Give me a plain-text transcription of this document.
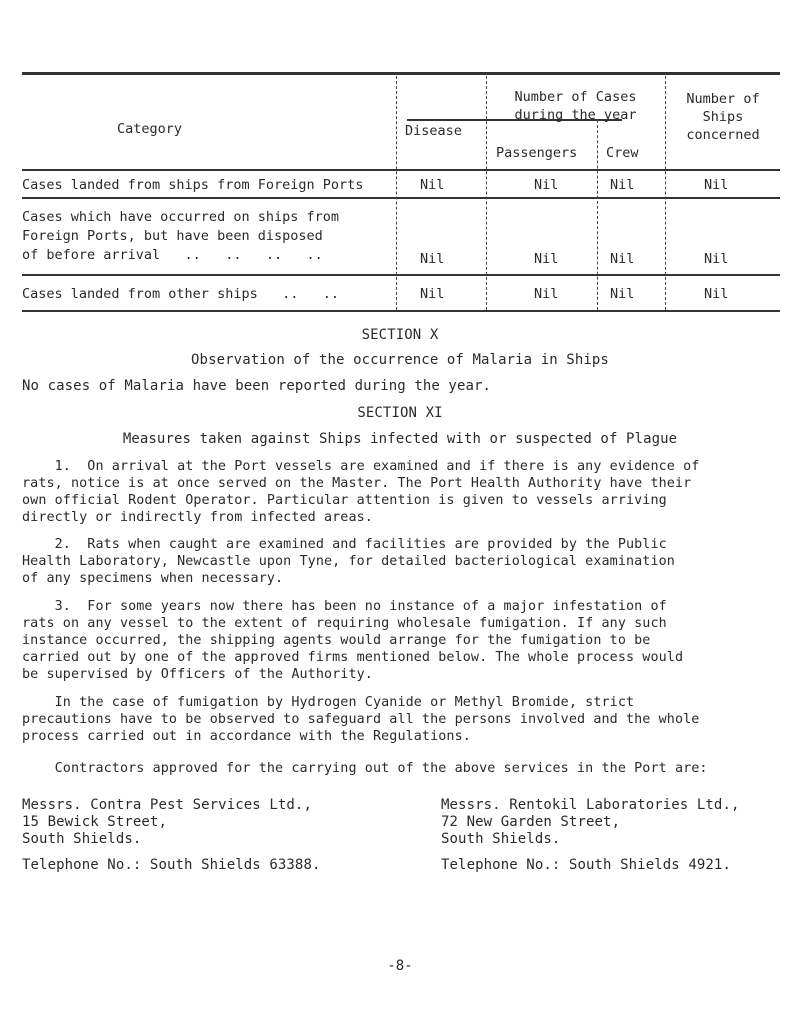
Category	Disease
Number of Cases
during the year
Passengers Crew
Number of
Ships
concerned
Cases landed from ships from Foreign Ports	Nil	Nil	Nil	Nil
Cases which have occurred on ships from
Foreign Ports, but have been disposed
of before arrival   ..   ..   ..   ..	Nil	Nil	Nil	Nil
Cases landed from other ships   ..   ..	Nil	Nil	Nil	Nil
SECTION X
Observation of the occurrence of Malaria in Ships
No cases of Malaria have been reported during the year.
SECTION XI
Measures taken against Ships infected with or suspected of Plague
1.  On arrival at the Port vessels are examined and if there is any evidence of
rats, notice is at once served on the Master. The Port Health Authority have their
own official Rodent Operator. Particular attention is given to vessels arriving
directly or indirectly from infected areas.
2.  Rats when caught are examined and facilities are provided by the Public
Health Laboratory, Newcastle upon Tyne, for detailed bacteriological examination
of any specimens when necessary.
3.  For some years now there has been no instance of a major infestation of
rats on any vessel to the extent of requiring wholesale fumigation. If any such
instance occurred, the shipping agents would arrange for the fumigation to be
carried out by one of the approved firms mentioned below. The whole process would
be supervised by Officers of the Authority.
In the case of fumigation by Hydrogen Cyanide or Methyl Bromide, strict
precautions have to be observed to safeguard all the persons involved and the whole
process carried out in accordance with the Regulations.
Contractors approved for the carrying out of the above services in the Port are:
Messrs. Contra Pest Services Ltd.,
15 Bewick Street,
South Shields.
Telephone No.: South Shields 63388.
Messrs. Rentokil Laboratories Ltd.,
72 New Garden Street,
South Shields.
Telephone No.: South Shields 4921.
-8-
